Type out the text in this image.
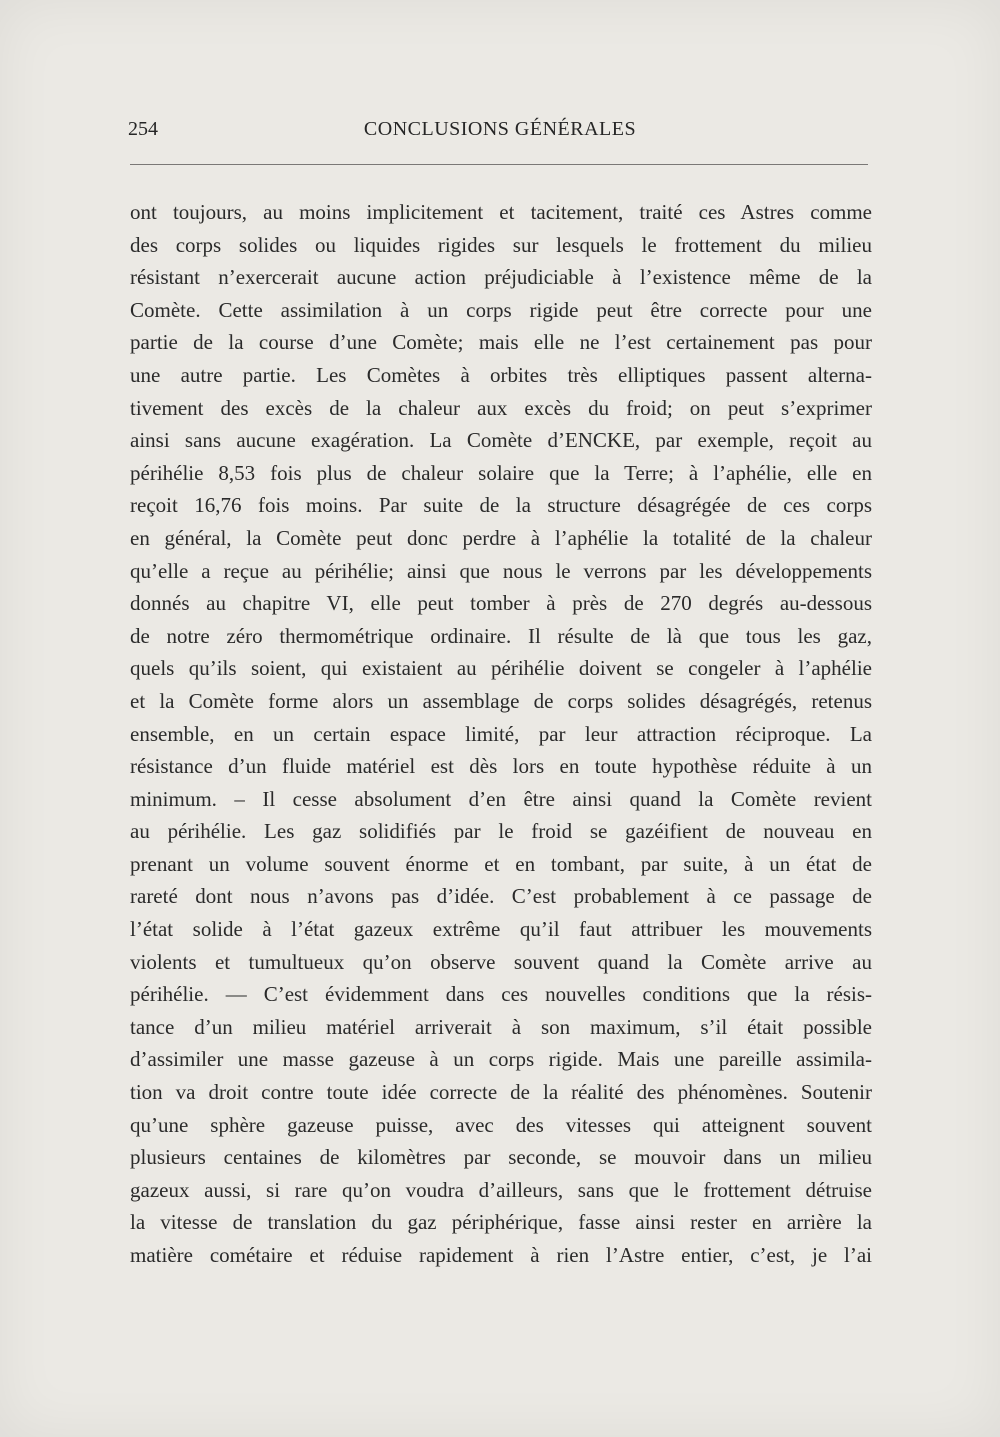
254	CONCLUSIONS GÉNÉRALES
ont toujours, au moins implicitement et tacitement, traité ces Astres comme
des corps solides ou liquides rigides sur lesquels le frottement du milieu
résistant n’exercerait aucune action préjudiciable à l’existence même de la
Comète. Cette assimilation à un corps rigide peut être correcte pour une
partie de la course d’une Comète; mais elle ne l’est certainement pas pour
une autre partie. Les Comètes à orbites très elliptiques passent alterna-
tivement des excès de la chaleur aux excès du froid; on peut s’exprimer
ainsi sans aucune exagération. La Comète d’ENCKE, par exemple, reçoit au
périhélie 8,53 fois plus de chaleur solaire que la Terre; à l’aphélie, elle en
reçoit 16,76 fois moins. Par suite de la structure désagrégée de ces corps
en général, la Comète peut donc perdre à l’aphélie la totalité de la chaleur
qu’elle a reçue au périhélie; ainsi que nous le verrons par les développements
donnés au chapitre VI, elle peut tomber à près de 270 degrés au-dessous
de notre zéro thermométrique ordinaire. Il résulte de là que tous les gaz,
quels qu’ils soient, qui existaient au périhélie doivent se congeler à l’aphélie
et la Comète forme alors un assemblage de corps solides désagrégés, retenus
ensemble, en un certain espace limité, par leur attraction réciproque. La
résistance d’un fluide matériel est dès lors en toute hypothèse réduite à un
minimum. – Il cesse absolument d’en être ainsi quand la Comète revient
au périhélie. Les gaz solidifiés par le froid se gazéifient de nouveau en
prenant un volume souvent énorme et en tombant, par suite, à un état de
rareté dont nous n’avons pas d’idée. C’est probablement à ce passage de
l’état solide à l’état gazeux extrême qu’il faut attribuer les mouvements
violents et tumultueux qu’on observe souvent quand la Comète arrive au
périhélie. — C’est évidemment dans ces nouvelles conditions que la résis-
tance d’un milieu matériel arriverait à son maximum, s’il était possible
d’assimiler une masse gazeuse à un corps rigide. Mais une pareille assimila-
tion va droit contre toute idée correcte de la réalité des phénomènes. Soutenir
qu’une sphère gazeuse puisse, avec des vitesses qui atteignent souvent
plusieurs centaines de kilomètres par seconde, se mouvoir dans un milieu
gazeux aussi, si rare qu’on voudra d’ailleurs, sans que le frottement détruise
la vitesse de translation du gaz périphérique, fasse ainsi rester en arrière la
matière cométaire et réduise rapidement à rien l’Astre entier, c’est, je l’ai
